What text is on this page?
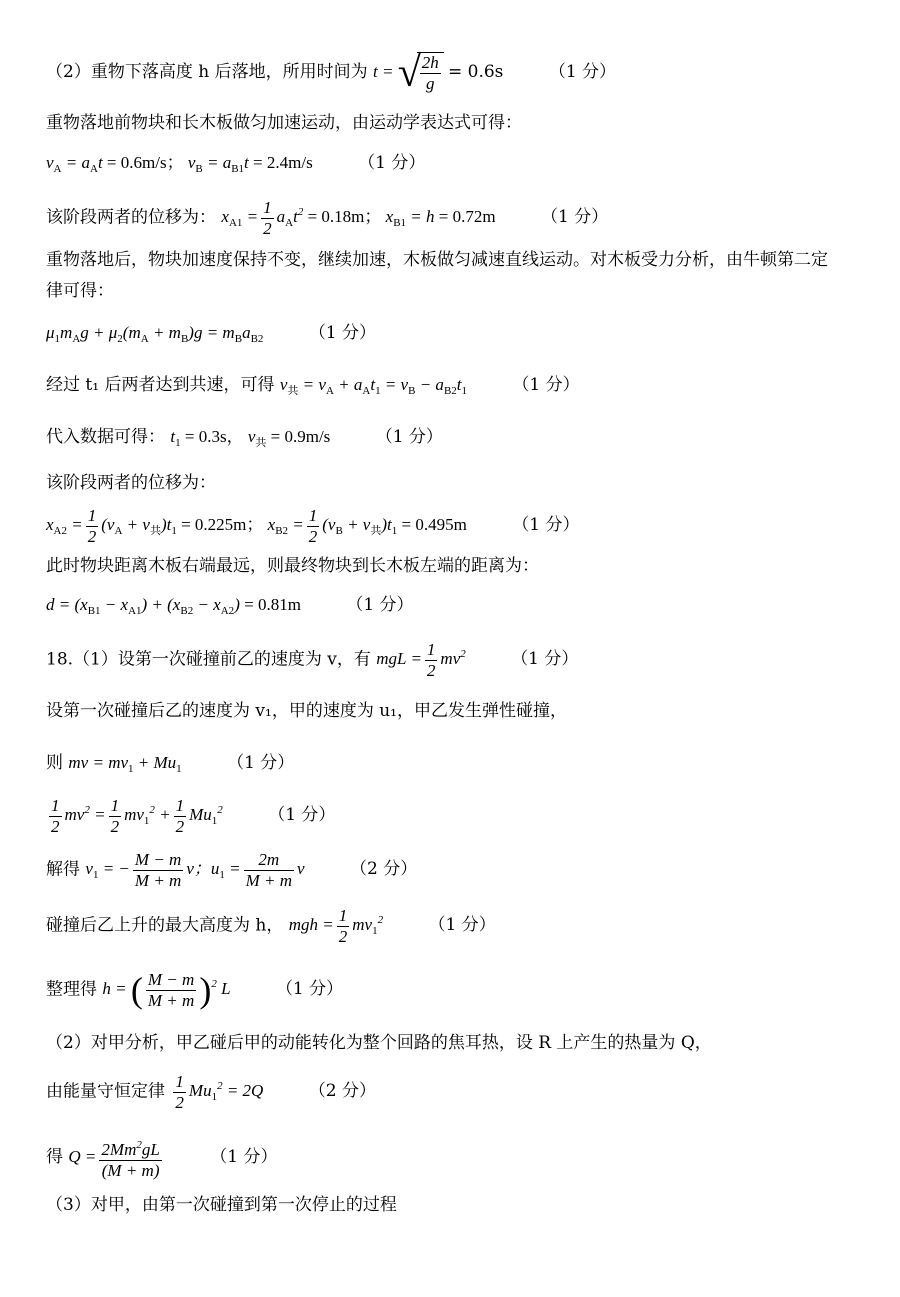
（2）重物下落高度 h 后落地，所用时间为 t = √ $\frac{2h}{g} = 0.6s$	（1 分）
重物落地前物块和长木板做匀加速运动，由运动学表达式可得：
$v_A = a_At = 0.6m/s$； $v_B = a_{B1}t = 2.4m/s$	（1 分）
该阶段两者的位移为： $x_{A1} = \frac{1}{2} a_At^2 = 0.18m$； $x_{B1} = h = 0.72m$	（1 分）
重物落地后，物块加速度保持不变，继续加速，木板做匀减速直线运动。对木板受力分析，由牛顿第二定
律可得：
$\mu_1m_Ag + \mu_2(m_A + m_B)g = m_Ba_{B2}$	（1 分）
经过 t₁ 后两者达到共速，可得 $v_共 = v_A + a_At_1 = v_B - a_{B2}t_1$	（1 分）
代入数据可得： $t_1 = 0.3s$， $v_共 = 0.9m/s$	（1 分）
该阶段两者的位移为：
$x_{A2} = \frac{1}{2} (v_A + v_共)t_1 = 0.225m$； $x_{B2} = \frac{1}{2} (v_B + v_共)t_1 = 0.495m$	（1 分）
此时物块距离木板右端最远，则最终物块到长木板左端的距离为：
$d = (x_{B1} - x_{A1}) + (x_{B2} - x_{A2}) = 0.81m$	（1 分）
18.（1）设第一次碰撞前乙的速度为 v，有 mgL = $\frac{1}{2} mv^2$	（1 分）
设第一次碰撞后乙的速度为 v₁，甲的速度为 u₁，甲乙发生弹性碰撞，
则 mv = $mv_1 + Mu_1$	（1 分）
$\frac{1}{2} mv^2 = \frac{1}{2} mv_1^2 + \frac{1}{2} Mu_1^2$	（1 分）
解得 $v_1$ = − $\frac{M - m}{M + m}$ v；$u_1 = \frac{2m}{M + m}$ v	（2 分）
碰撞后乙上升的最大高度为 h， mgh = $\frac{1}{2} mv_1^2$	（1 分）
整理得 h = ( $\frac{M - m}{M + m} )^2$ L	（1 分）
（2）对甲分析，甲乙碰后甲的动能转化为整个回路的焦耳热，设 R 上产生的热量为 Q，
由能量守恒定律 $\frac{1}{2} Mu_1^2 = 2Q$	（2 分）
得 $Q = \frac{2Mm^2gL}{(M + m)}$	（1 分）
（3）对甲，由第一次碰撞到第一次停止的过程
